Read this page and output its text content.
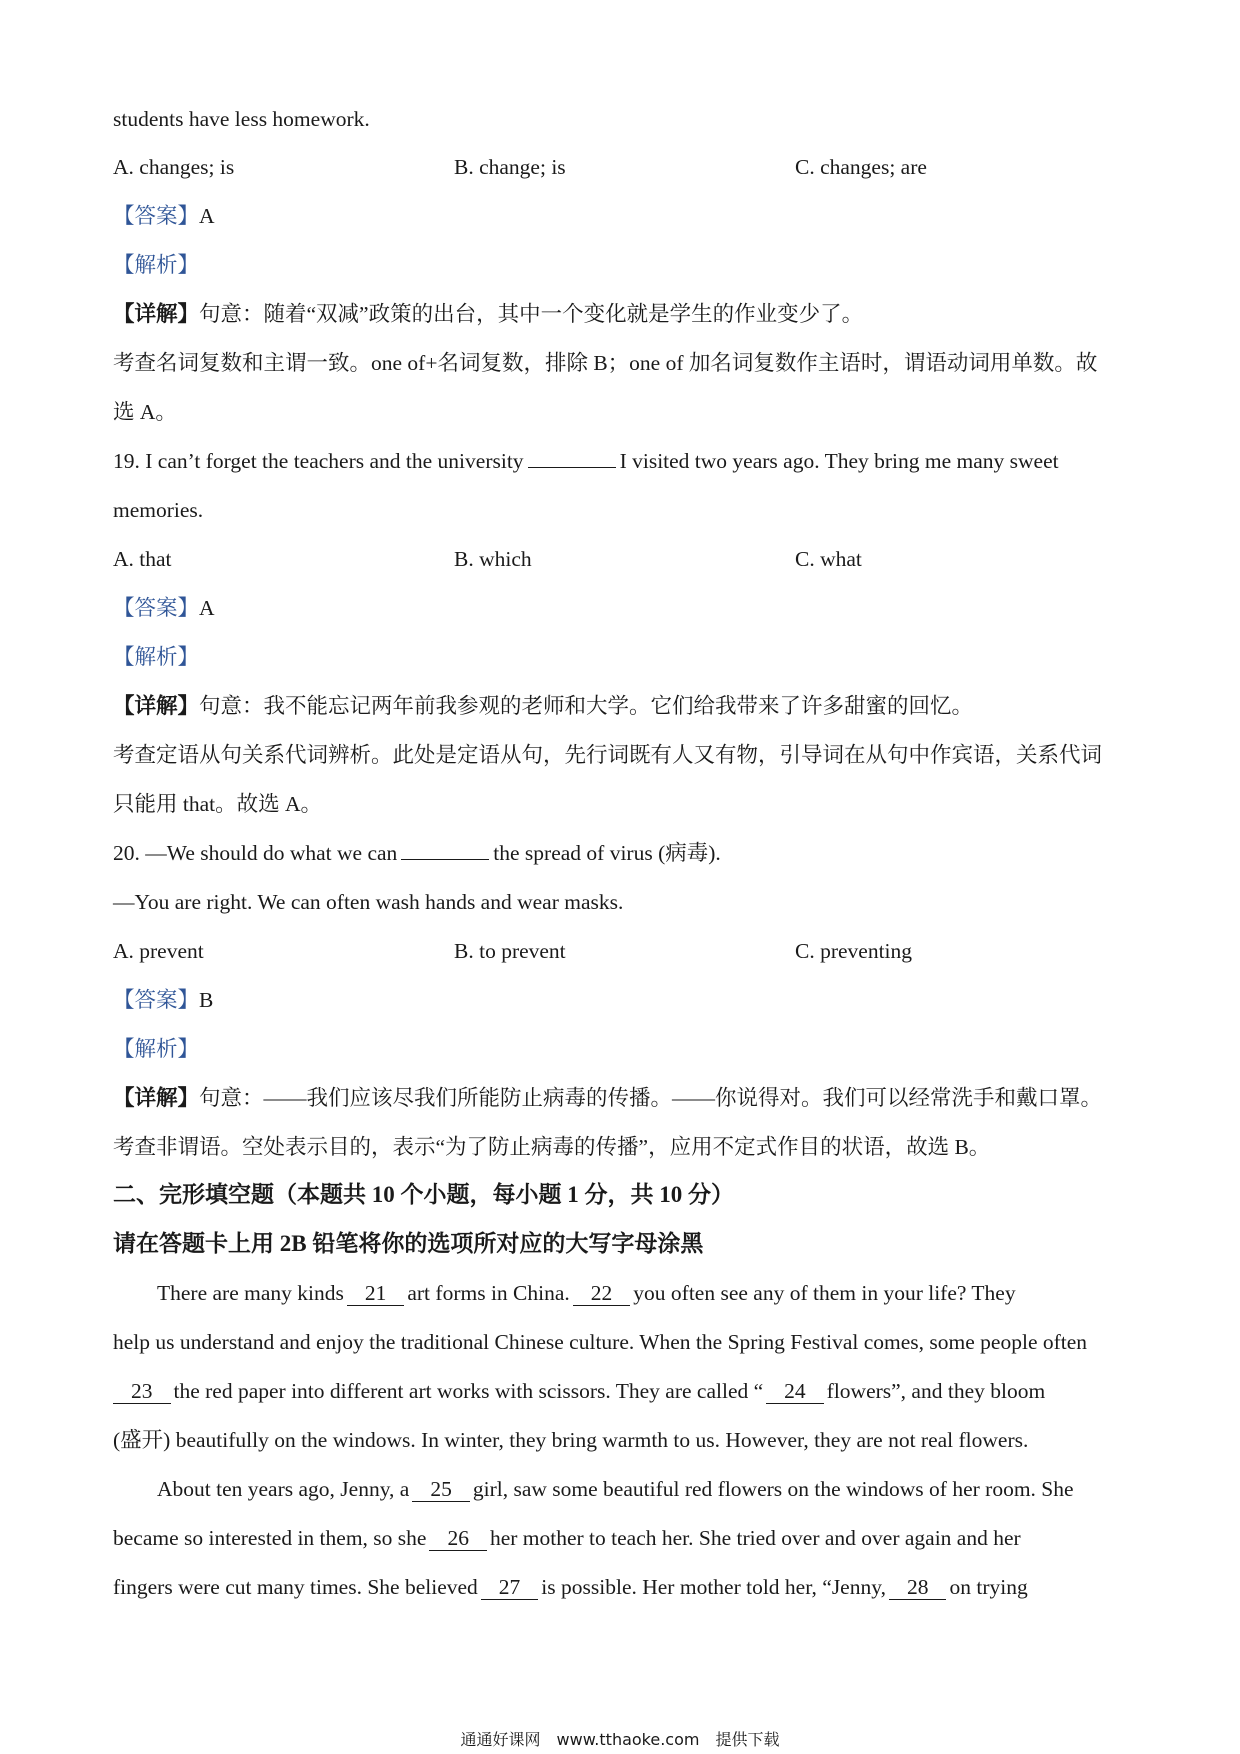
students have less homework.
A. changes; is	B. change; is	C. changes; are
【答案】A
【解析】
【详解】句意：随着“双减”政策的出台，其中一个变化就是学生的作业变少了。
考查名词复数和主谓一致。one of+名词复数，排除 B；one of 加名词复数作主语时，谓语动词用单数。故
选 A。
19. I can’t forget the teachers and the university	I visited two years ago. They bring me many sweet
memories.
A. that	B. which	C. what
【答案】A
【解析】
【详解】句意：我不能忘记两年前我参观的老师和大学。它们给我带来了许多甜蜜的回忆。
考查定语从句关系代词辨析。此处是定语从句，先行词既有人又有物，引导词在从句中作宾语，关系代词
只能用 that。故选 A。
20. —We should do what we can	the spread of virus (病毒).
—You are right. We can often wash hands and wear masks.
A. prevent	B. to prevent	C. preventing
【答案】B
【解析】
【详解】句意：——我们应该尽我们所能防止病毒的传播。——你说得对。我们可以经常洗手和戴口罩。
考查非谓语。空处表示目的，表示“为了防止病毒的传播”，应用不定式作目的状语，故选 B。
二、完形填空题（本题共 10 个小题，每小题 1 分，共 10 分）
请在答题卡上用 2B 铅笔将你的选项所对应的大写字母涂黑
There are many kinds 21 art forms in China. 22 you often see any of them in your life? They
help us understand and enjoy the traditional Chinese culture. When the Spring Festival comes, some people often
23 the red paper into different art works with scissors. They are called “ 24 flowers”, and they bloom
(盛开) beautifully on the windows. In winter, they bring warmth to us. However, they are not real flowers.
About ten years ago, Jenny, a 25 girl, saw some beautiful red flowers on the windows of her room. She
became so interested in them, so she 26 her mother to teach her. She tried over and over again and her
fingers were cut many times. She believed 27 is possible. Her mother told her, “Jenny, 28 on trying
通通好课网　www.tthaoke.com　提供下载
